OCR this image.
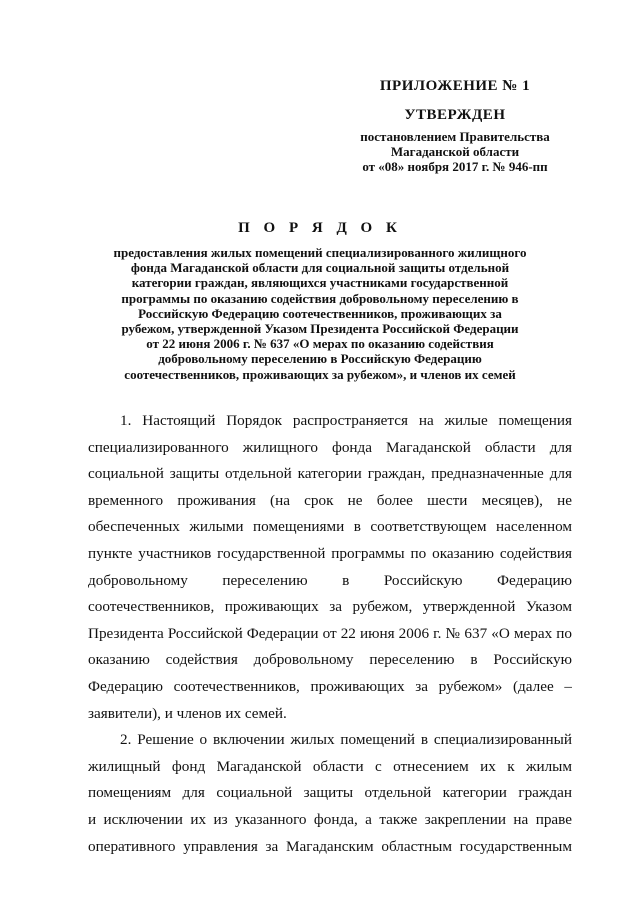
ПРИЛОЖЕНИЕ № 1
УТВЕРЖДЕН
постановлением Правительства
Магаданской области
от «08» ноября 2017 г. № 946-пп
П О Р Я Д О К
предоставления жилых помещений специализированного жилищного
фонда Магаданской области для социальной защиты отдельной
категории граждан, являющихся участниками государственной
программы по оказанию содействия добровольному переселению в
Российскую Федерацию соотечественников, проживающих за
рубежом, утвержденной Указом Президента Российской Федерации
от 22 июня 2006 г. № 637 «О мерах по оказанию содействия
добровольному переселению в Российскую Федерацию
соотечественников, проживающих за рубежом», и членов их семей
1. Настоящий Порядок распространяется на жилые помещения
специализированного жилищного фонда Магаданской области для
социальной защиты отдельной категории граждан, предназначенные для
временного проживания (на срок не более шести месяцев), не
обеспеченных жилыми помещениями в соответствующем населенном
пункте участников государственной программы по оказанию содействия
добровольному переселению в Российскую Федерацию
соотечественников, проживающих за рубежом, утвержденной Указом
Президента Российской Федерации от 22 июня 2006 г. № 637 «О мерах по
оказанию содействия добровольному переселению в Российскую
Федерацию соотечественников, проживающих за рубежом» (далее –
заявители), и членов их семей.
2. Решение о включении жилых помещений в специализированный
жилищный фонд Магаданской области с отнесением их к жилым
помещениям для социальной защиты отдельной категории граждан
и исключении их из указанного фонда, а также закреплении на праве
оперативного управления за Магаданским областным государственным
